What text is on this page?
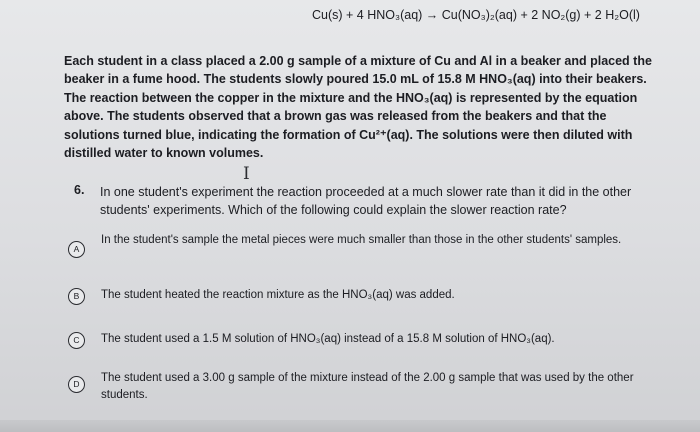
Cu(s) + 4 HNO₃(aq) → Cu(NO₃)₂(aq) + 2 NO₂(g) + 2 H₂O(l)
Each student in a class placed a 2.00 g sample of a mixture of Cu and Al in a beaker and placed the beaker in a fume hood. The students slowly poured 15.0 mL of 15.8 M HNO₃(aq) into their beakers. The reaction between the copper in the mixture and the HNO₃(aq) is represented by the equation above. The students observed that a brown gas was released from the beakers and that the solutions turned blue, indicating the formation of Cu²⁺(aq). The solutions were then diluted with distilled water to known volumes.
I
6. In one student's experiment the reaction proceeded at a much slower rate than it did in the other students' experiments. Which of the following could explain the slower reaction rate?
A
In the student's sample the metal pieces were much smaller than those in the other students' samples.
B	The student heated the reaction mixture as the HNO₃(aq) was added.
C	The student used a 1.5 M solution of HNO₃(aq) instead of a 15.8 M solution of HNO₃(aq).
D	The student used a 3.00 g sample of the mixture instead of the 2.00 g sample that was used by the other students.
